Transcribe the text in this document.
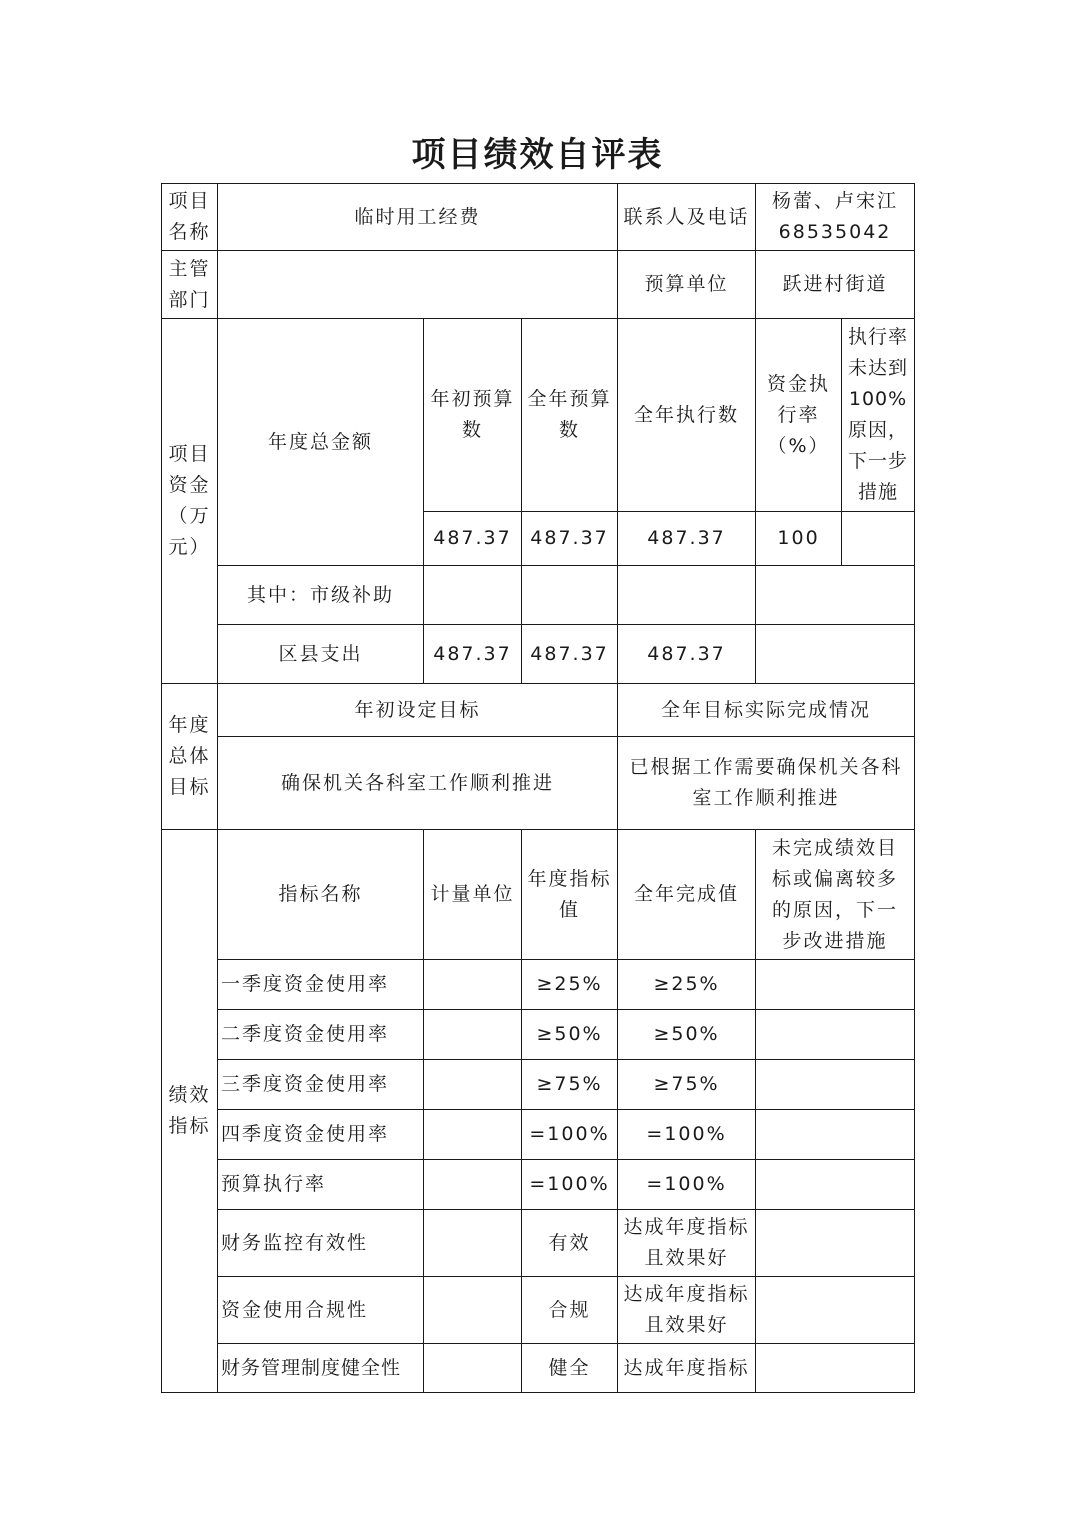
项目绩效自评表
项目名称	临时用工经费			联系人及电话	杨蕾、卢宋江
68535042	

主管部门				预算单位	跃进村街道	
项目资金（万元）	年度总金额	年初预算数	全年预算数	全年执行数	资金执行率（%）	执行率未达到100%原因，下一步措施
		487.37	487.37	487.37	100	
	其中：市级补助					
	区县支出	487.37	487.37	487.37		
年度总体目标	年初设定目标			全年目标实际完成情况		
	确保机关各科室工作顺利推进			已根据工作需要确保机关各科室工作顺利推进		
绩效指标	指标名称	计量单位	年度指标值	全年完成值	未完成绩效目标或偏离较多的原因，下一步改进措施	
	一季度资金使用率		≥25%	≥25%		
	二季度资金使用率		≥50%	≥50%		
	三季度资金使用率		≥75%	≥75%		
	四季度资金使用率		=100%	=100%		
	预算执行率		=100%	=100%		
	财务监控有效性		有效	达成年度指标且效果好		
	资金使用合规性		合规	达成年度指标且效果好		
	财务管理制度健全性		健全	达成年度指标		
